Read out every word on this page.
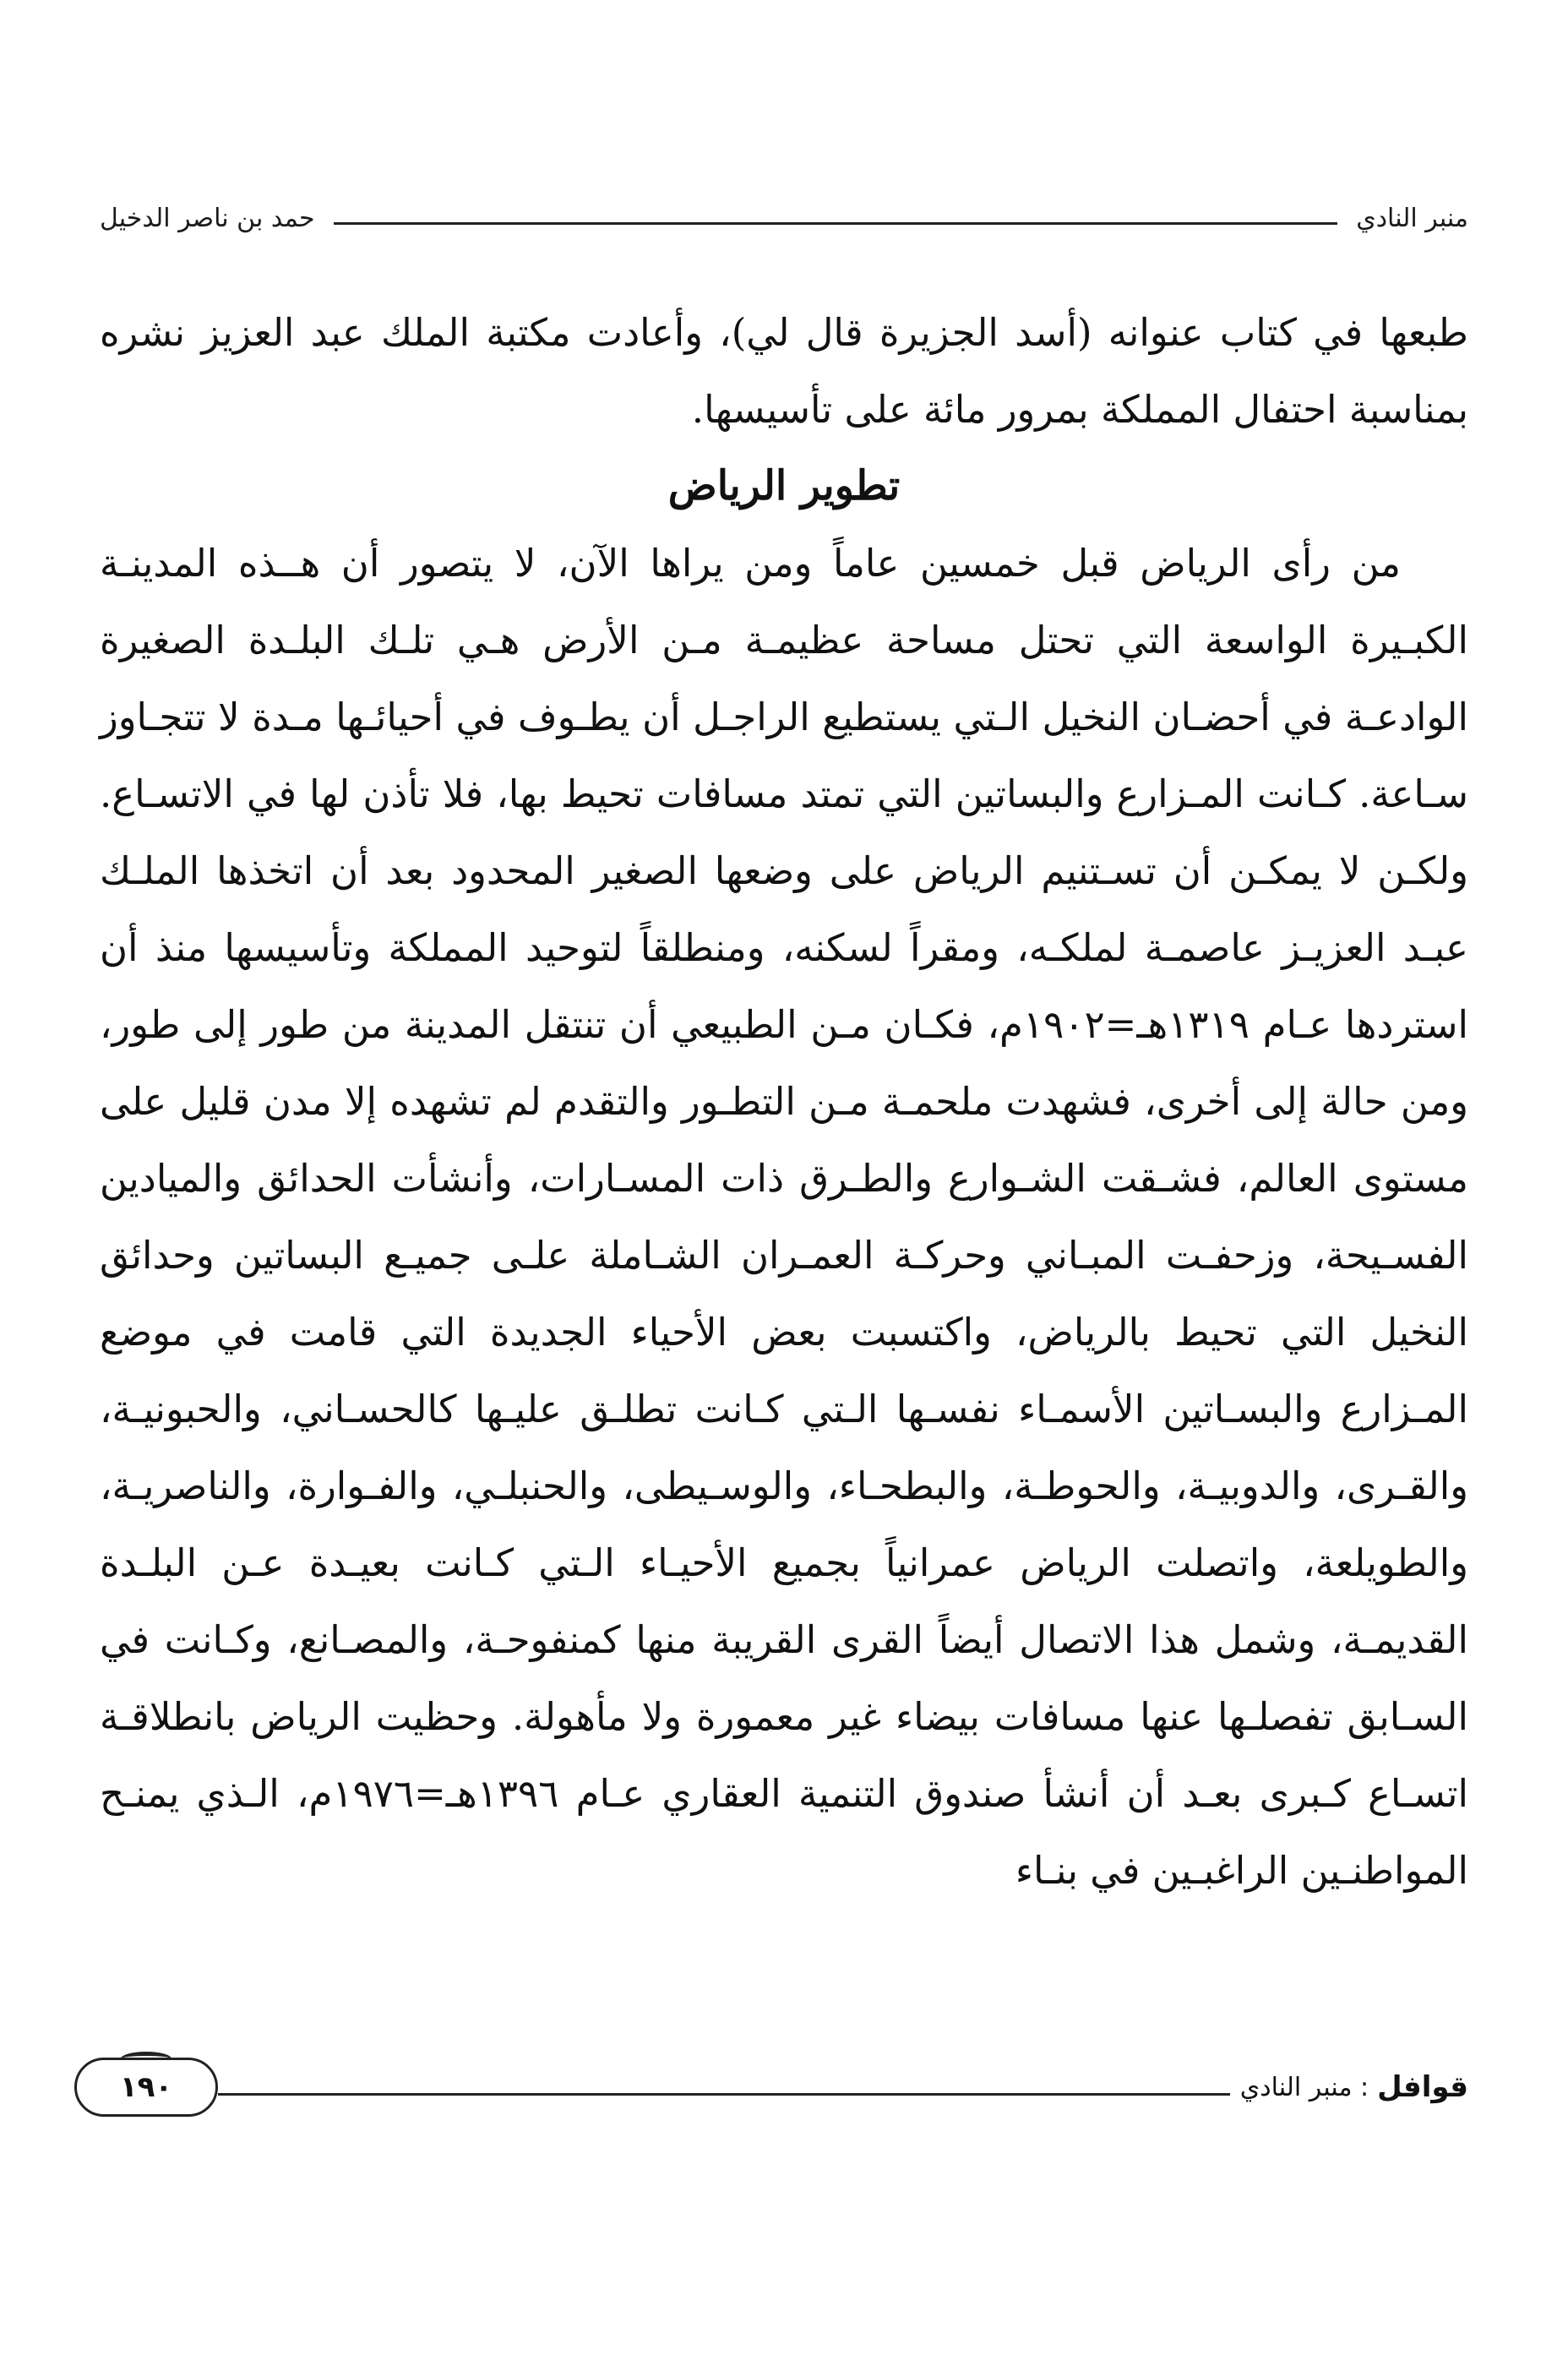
منبر النادي
حمد بن ناصر الدخيل

طبعها في كتاب عنوانه (أسد الجزيرة قال لي)، وأعادت مكتبة الملك عبد العزيز نشره بمناسبة احتفال المملكة بمرور مائة على تأسيسها.

تطوير الرياض

من رأى الرياض قبل خمسين عاماً ومن يراها الآن، لا يتصور أن هــذه المدينـة الكبـيرة الواسعة التي تحتل مساحة عظيمـة مـن الأرض هـي تلـك البلـدة الصغيرة الوادعـة في أحضـان النخيل الـتي يستطيع الراجـل أن يطـوف في أحيائـها مـدة لا تتجـاوز سـاعة. كـانت المـزارع والبساتين التي تمتد مسافات تحيط بها، فلا تأذن لها في الاتسـاع. ولكـن لا يمكـن أن تسـتنيم الرياض على وضعها الصغير المحدود بعد أن اتخذها الملـك عبـد العزيـز عاصمـة لملكـه، ومقراً لسكنه، ومنطلقاً لتوحيد المملكة وتأسيسها منذ أن استردها عـام ١٣١٩هـ=١٩٠٢م، فكـان مـن الطبيعي أن تنتقل المدينة من طور إلى طور، ومن حالة إلى أخرى، فشهدت ملحمـة مـن التطـور والتقدم لم تشهده إلا مدن قليل على مستوى العالم، فشـقت الشـوارع والطـرق ذات المسـارات، وأنشأت الحدائق والميادين الفسـيحة، وزحفـت المبـاني وحركـة العمـران الشـاملة علـى جميـع البساتين وحدائق النخيل التي تحيط بالرياض، واكتسبت بعض الأحياء الجديدة التي قامت في موضع المـزارع والبسـاتين الأسمـاء نفسـها الـتي كـانت تطلـق عليـها كالحسـاني، والحبونيـة، والقـرى، والدوبيـة، والحوطـة، والبطحـاء، والوسـيطى، والحنبلـي، والفـوارة، والناصريـة، والطويلعة، واتصلت الرياض عمرانياً بجميع الأحيـاء الـتي كـانت بعيـدة عـن البلـدة القديمـة، وشمل هذا الاتصال أيضاً القرى القريبة منها كمنفوحـة، والمصـانع، وكـانت في السـابق تفصلـها عنها مسافات بيضاء غير معمورة ولا مأهولة. وحظيت الرياض بانطلاقـة اتسـاع كـبرى بعـد أن أنشأ صندوق التنمية العقاري عـام ١٣٩٦هـ=١٩٧٦م، الـذي يمنـح المواطنـين الراغبـين في بنـاء

قوافل
: منبر النادي
١٩٠
